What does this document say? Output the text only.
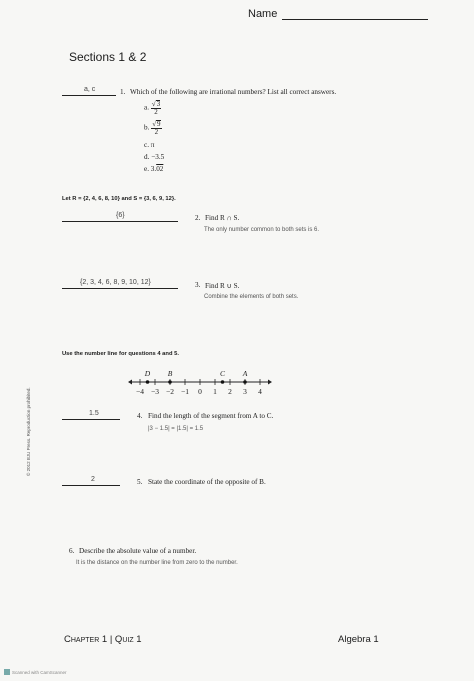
Name
Sections 1 & 2
a, c	1. Which of the following are irrational numbers? List all correct answers.
a. $\frac{√3}{2}$
b. $\frac{√9}{2}$
c. π
d. −3.5
e. 3.02
Let R = {2, 4, 6, 8, 10} and S = {3, 6, 9, 12}.
{6}	2. Find R ∩ S.
The only number common to both sets is 6.
{2, 3, 4, 6, 8, 9, 10, 12}	3. Find R ∪ S.
Combine the elements of both sets.
Use the number line for questions 4 and 5.
−4 −3 −2 −1 0 1 2 3 4
D B	C A
1.5	4. Find the length of the segment from A to C.
|3 − 1.5| = |1.5| = 1.5
2	5. State the coordinate of the opposite of B.
6. Describe the absolute value of a number.
It is the distance on the number line from zero to the number.
© 2012 BJU Press. Reproduction prohibited.
Chapter 1 | Quiz 1	Algebra 1
Scanned with CamScanner
